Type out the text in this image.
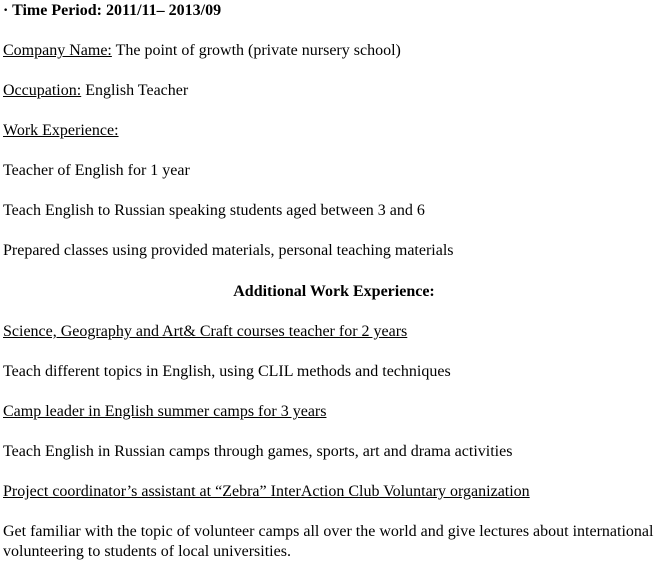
· Time Period: 2011/11– 2013/09
Company Name: The point of growth (private nursery school)
Occupation: English Teacher
Work Experience:
Teacher of English for 1 year
Teach English to Russian speaking students aged between 3 and 6
Prepared classes using provided materials, personal teaching materials
Additional Work Experience:
Science, Geography and Art& Craft courses teacher for 2 years
Teach different topics in English, using CLIL methods and techniques
Camp leader in English summer camps for 3 years
Teach English in Russian camps through games, sports, art and drama activities
Project coordinator’s assistant at “Zebra” InterAction Club Voluntary organization
Get familiar with the topic of volunteer camps all over the world and give lectures about international volunteering to students of local universities.
